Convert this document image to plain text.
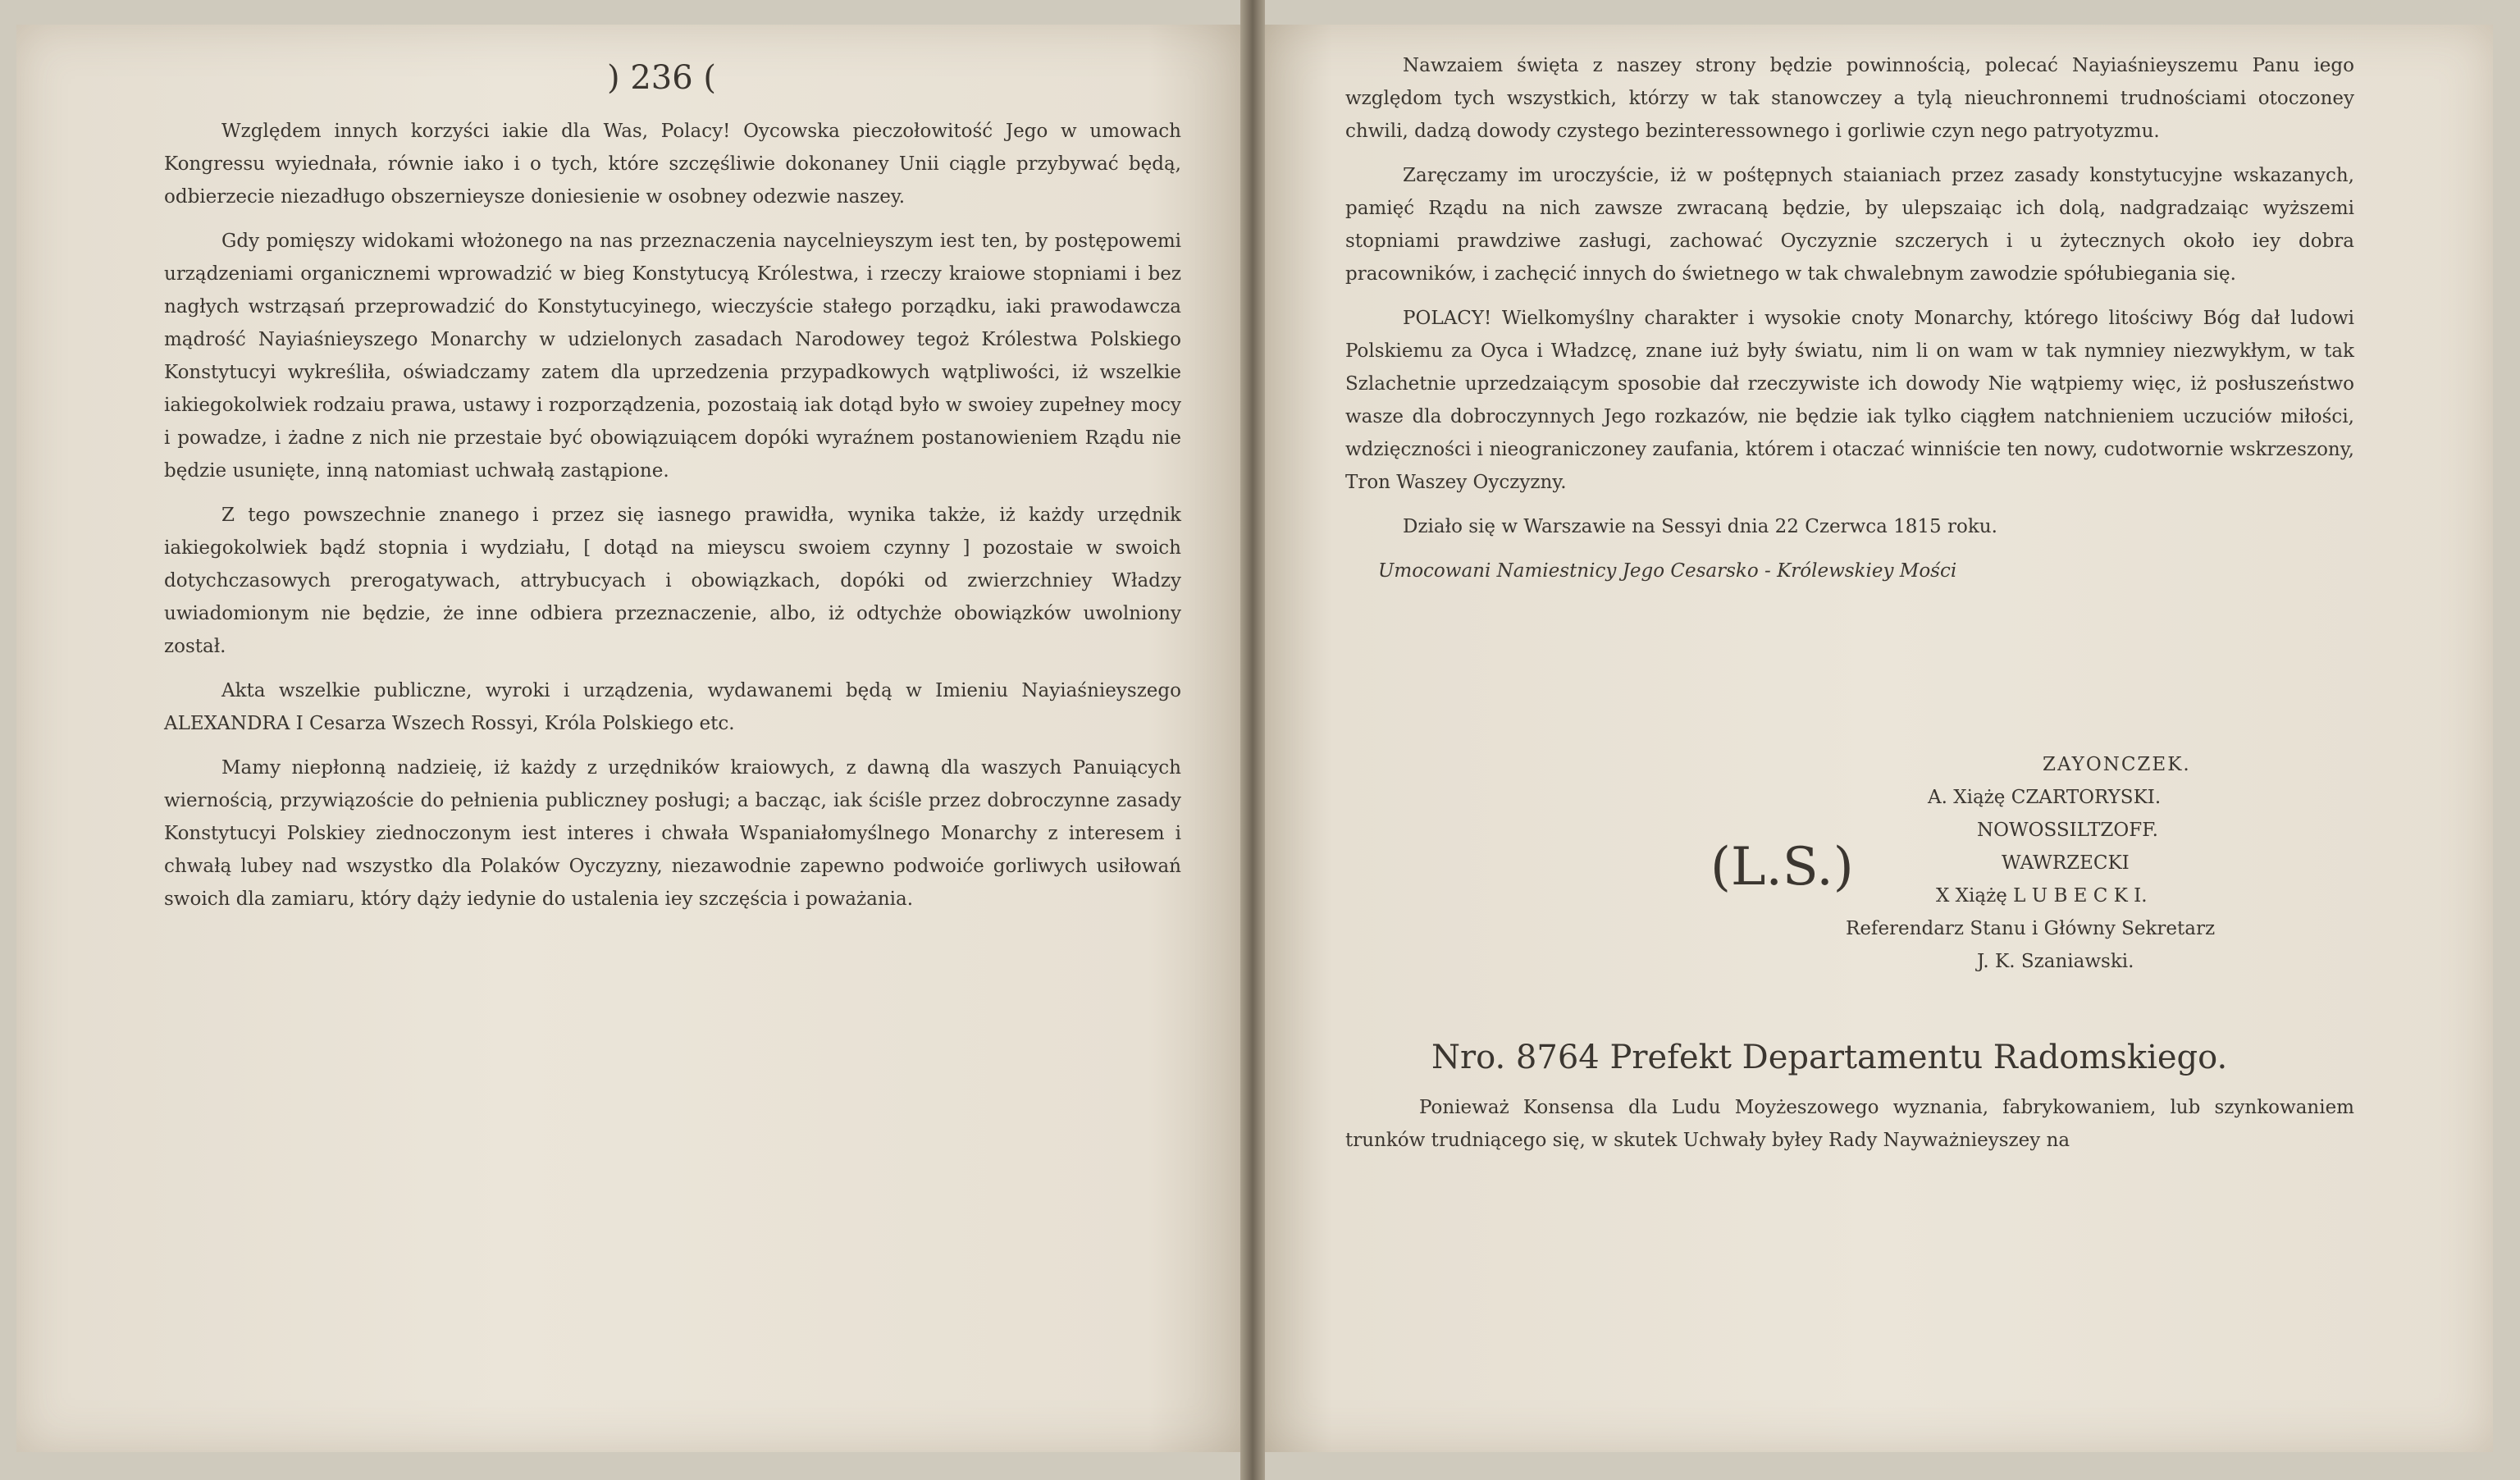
) 236 (

Względem innych korzyści iakie dla Was, Polacy! Oycowska pieczołowitość Jego w umowach Kongressu wyiednała, równie iako i o tych, które szczęśliwie dokonaney Unii ciągle przybywać będą, odbierzecie niezadługo obszernieysze doniesienie w osobney odezwie naszey.

Gdy pomięszy widokami włożonego na nas przeznaczenia naycelnieyszym iest ten, by postępowemi urządzeniami organicznemi wprowadzić w bieg Konstytucyą Królestwa, i rzeczy kraiowe stopniami i bez nagłych wstrząsań przeprowadzić do Konstytucyinego, wieczyście stałego porządku, iaki prawodawcza mądrość Nayiaśnieyszego Monarchy w udzielonych zasadach Narodowey tegoż Królestwa Polskiego Konstytucyi wykreśliła, oświadczamy zatem dla uprzedzenia przypadkowych wątpliwości, iż wszelkie iakiegokolwiek rodzaiu prawa, ustawy i rozporządzenia, pozostaią iak dotąd było w swoiey zupełney mocy i powadze, i żadne z nich nie przestaie być obowiązuiącem dopóki wyraźnem postanowieniem Rządu nie będzie usunięte, inną natomiast uchwałą zastąpione.

Z tego powszechnie znanego i przez się iasnego prawidła, wynika także, iż każdy urzędnik iakiegokolwiek bądź stopnia i wydziału, [ dotąd na mieyscu swoiem czynny ] pozostaie w swoich dotychczasowych prerogatywach, attrybucyach i obowiązkach, dopóki od zwierzchniey Władzy uwiadomionym nie będzie, że inne odbiera przeznaczenie, albo, iż odtychże obowiązków uwolniony został.

Akta wszelkie publiczne, wyroki i urządzenia, wydawanemi będą w Imieniu Nayiaśnieyszego ALEXANDRA I Cesarza Wszech Rossyi, Króla Polskiego etc.

Mamy niepłonną nadzieię, iż każdy z urzędników kraiowych, z dawną dla waszych Panuiących wiernością, przywiązoście do pełnienia publiczney posługi; a bacząc, iak ściśle przez dobroczynne zasady Konstytucyi Polskiey ziednoczonym iest interes i chwała Wspaniałomyślnego Monarchy z interesem i chwałą lubey nad wszystko dla Polaków Oyczyzny, niezawodnie zapewno podwoiće gorliwych usiłowań swoich dla zamiaru, który dąży iedynie do ustalenia iey szczęścia i poważania.

Nawzaiem święta z naszey strony będzie powinnością, polecać Nayiaśnieyszemu Panu iego względom tych wszystkich, którzy w tak stanowczey a tylą nieuchronnemi trudnościami otoczoney chwili, dadzą dowody czystego bezinteressownego i gorliwie czyn nego patryotyzmu.

Zaręczamy im uroczyście, iż w pośtępnych staianiach przez zasady konstytucyjne wskazanych, pamięć Rządu na nich zawsze zwracaną będzie, by ulepszaiąc ich dolą, nadgradzaiąc wyższemi stopniami prawdziwe zasługi, zachować Oyczyznie szczerych i u żytecznych około ieу dobra pracowników, i zachęcić innych do świetnego w tak chwalebnym zawodzie spółubiegania się.

POLACY! Wielkomyślny charakter i wysokie cnoty Monarchy, którego litościwy Bóg dał ludowi Polskiemu za Oyca i Władzcę, znane iuż były światu, nim li on wam w tak nymniey niezwykłym, w tak Szlachetnie uprzedzaiącym sposobie dał rzeczywiste ich dowody Nie wątpiemy więc, iż posłuszeństwo wasze dla dobroczynnych Jego rozkazów, nie będzie iak tylko ciągłem natchnieniem uczuciów miłości, wdzięczności i nieograniczoney zaufania, którem i otaczać winniście ten nowy, cudotwornie wskrzeszony, Tron Waszey Oyczyzny.

Działo się w Warszawie na Sessyi dnia 22 Czerwca 1815 roku.

Umocowani Namiestnicy Jego Cesarsko - Królewskiey Mości

(L.S.)
ZAYONCZEK.
A. Xiążę CZARTORYSKI.
NOWOSSILTZOFF.
WAWRZECKI
X Xiążę L U B E C K I.
Referendarz Stanu i Główny Sekretarz
J. K. Szaniawski.
Nro. 8764 Prefekt Departamentu Radomskiego.
Ponieważ Konsensa dla Ludu Moyżeszowego wyznania, fabrykowaniem, lub szynkowaniem trunków trudniącego się, w skutek Uchwały byłey Rady Nayważnieyszey na
